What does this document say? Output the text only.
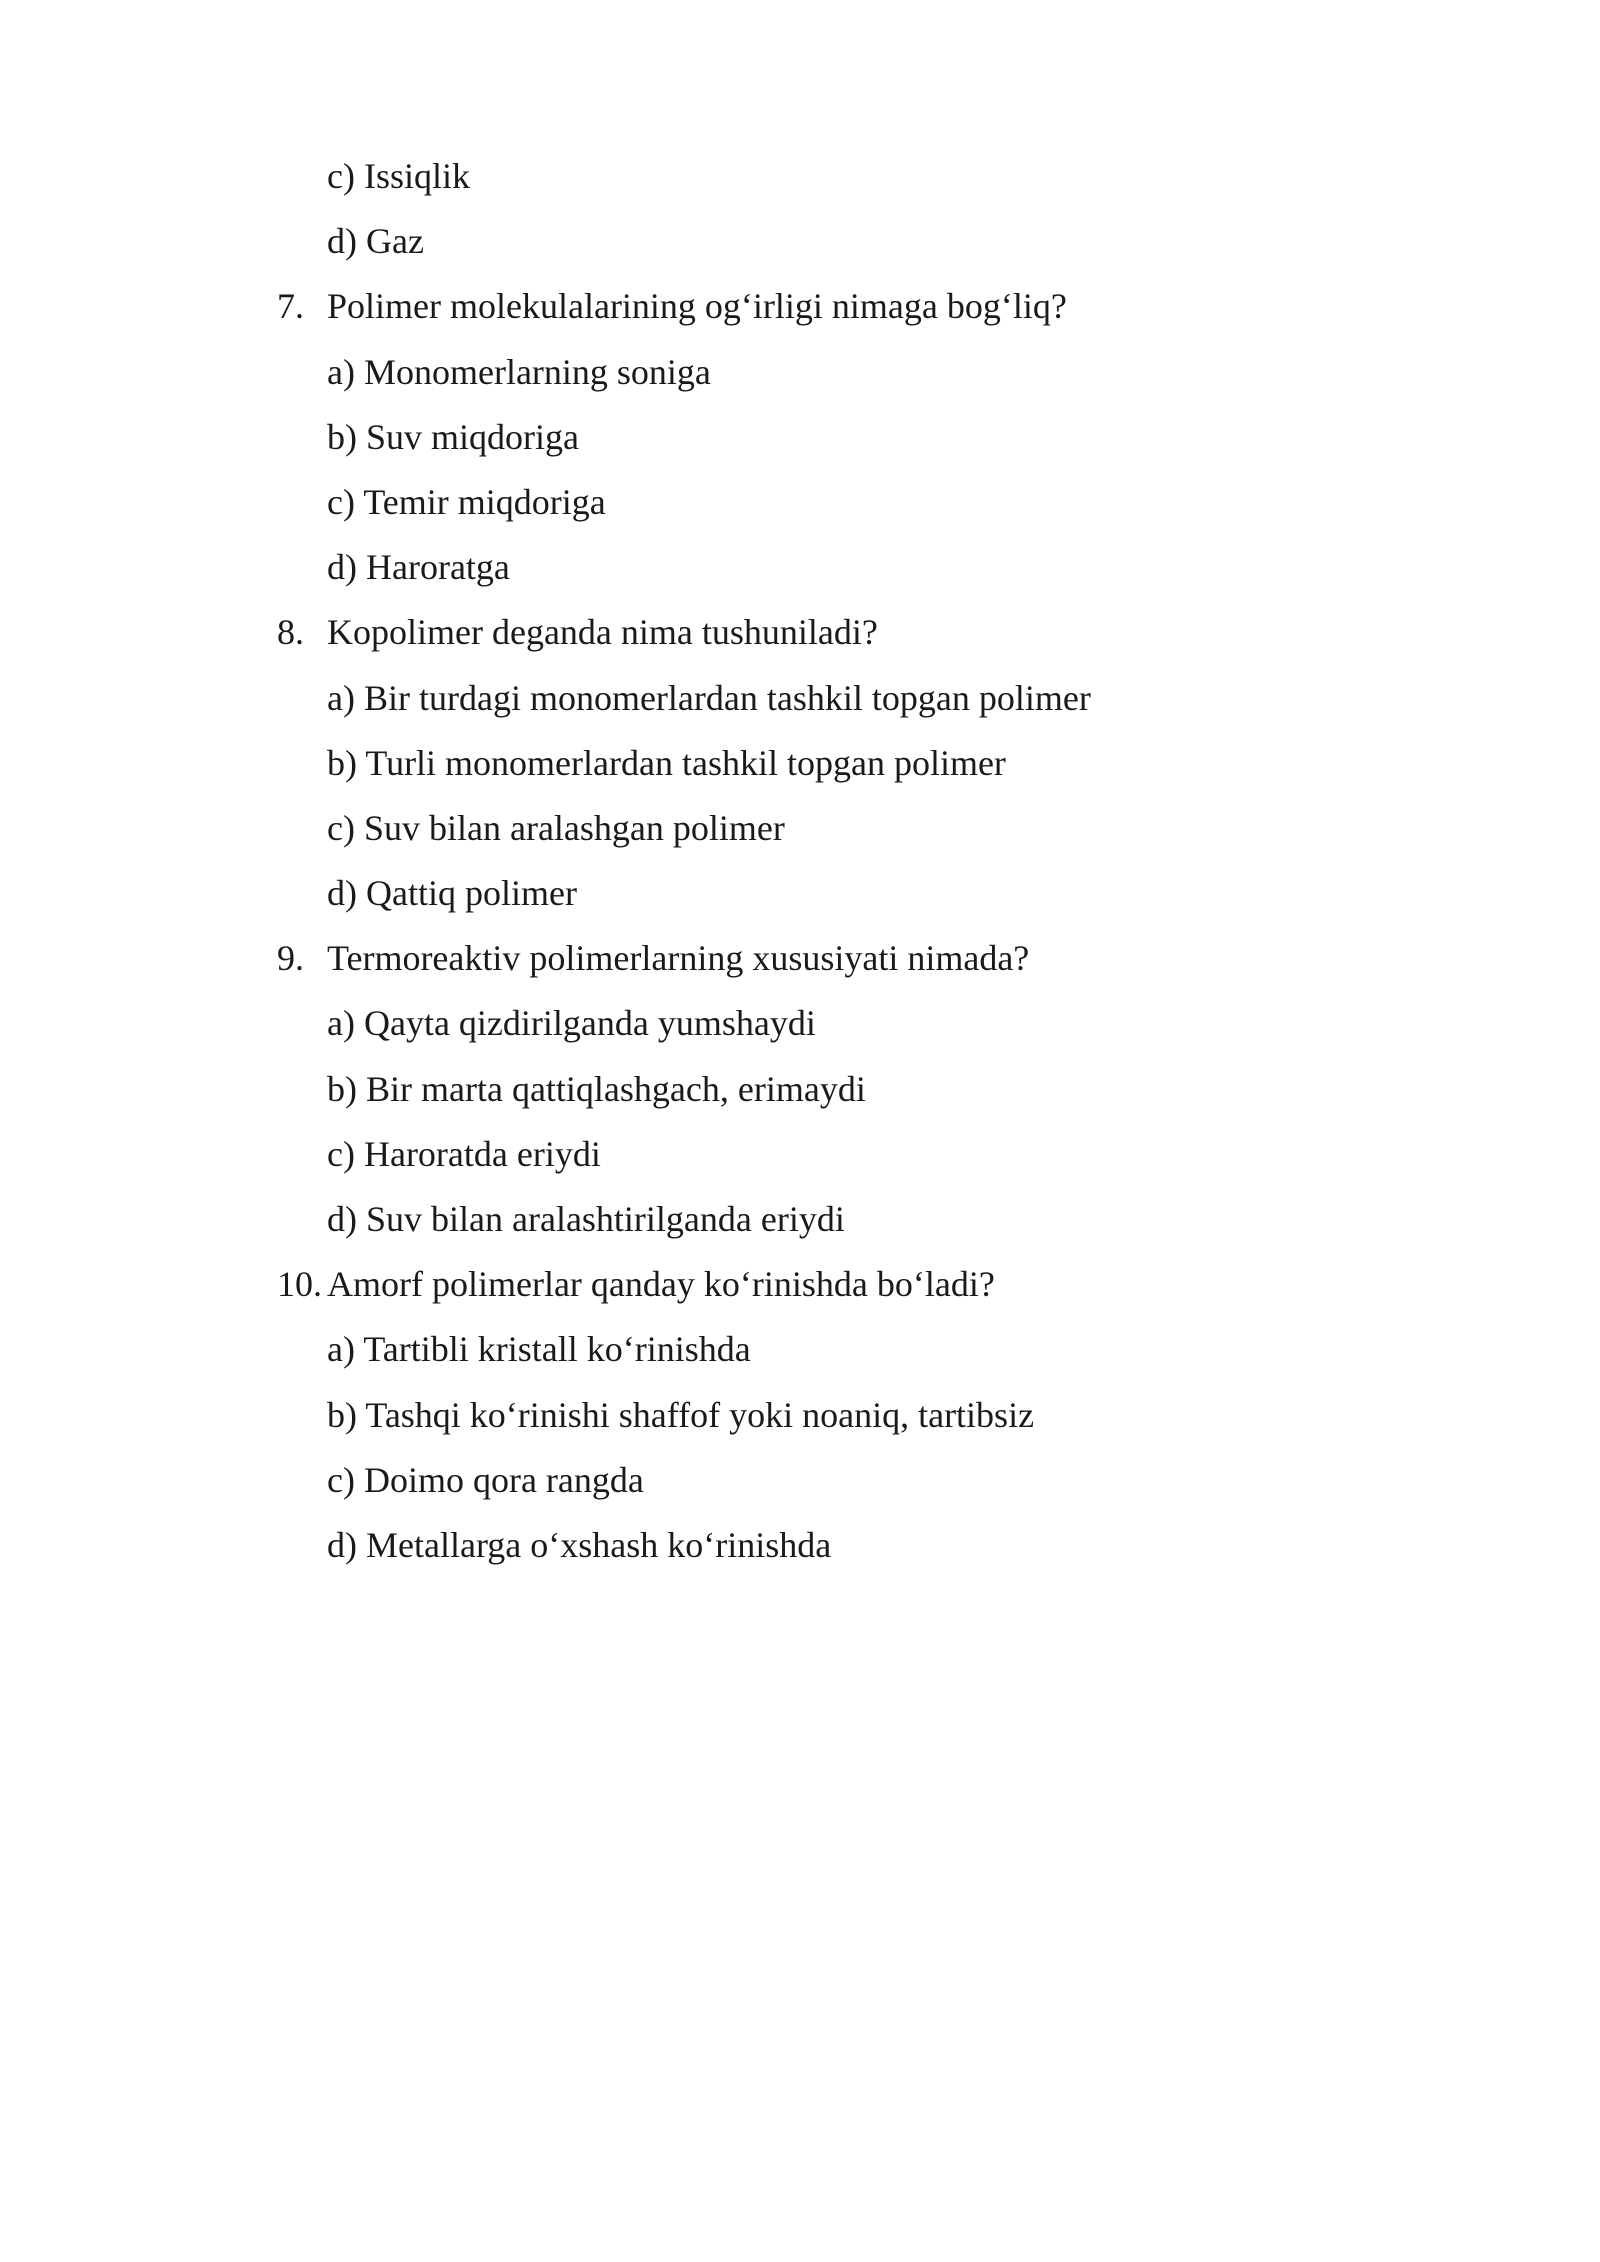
c) Issiqlik
d) Gaz
7. Polimer molekulalarining og‘irligi nimaga bog‘liq?
a) Monomerlarning soniga
b) Suv miqdoriga
c) Temir miqdoriga
d) Haroratga
8. Kopolimer deganda nima tushuniladi?
a) Bir turdagi monomerlardan tashkil topgan polimer
b) Turli monomerlardan tashkil topgan polimer
c) Suv bilan aralashgan polimer
d) Qattiq polimer
9. Termoreaktiv polimerlarning xususiyati nimada?
a) Qayta qizdirilganda yumshaydi
b) Bir marta qattiqlashgach, erimaydi
c) Haroratda eriydi
d) Suv bilan aralashtirilganda eriydi
10. Amorf polimerlar qanday ko‘rinishda bo‘ladi?
a) Tartibli kristall ko‘rinishda
b) Tashqi ko‘rinishi shaffof yoki noaniq, tartibsiz
c) Doimo qora rangda
d) Metallarga o‘xshash ko‘rinishda
